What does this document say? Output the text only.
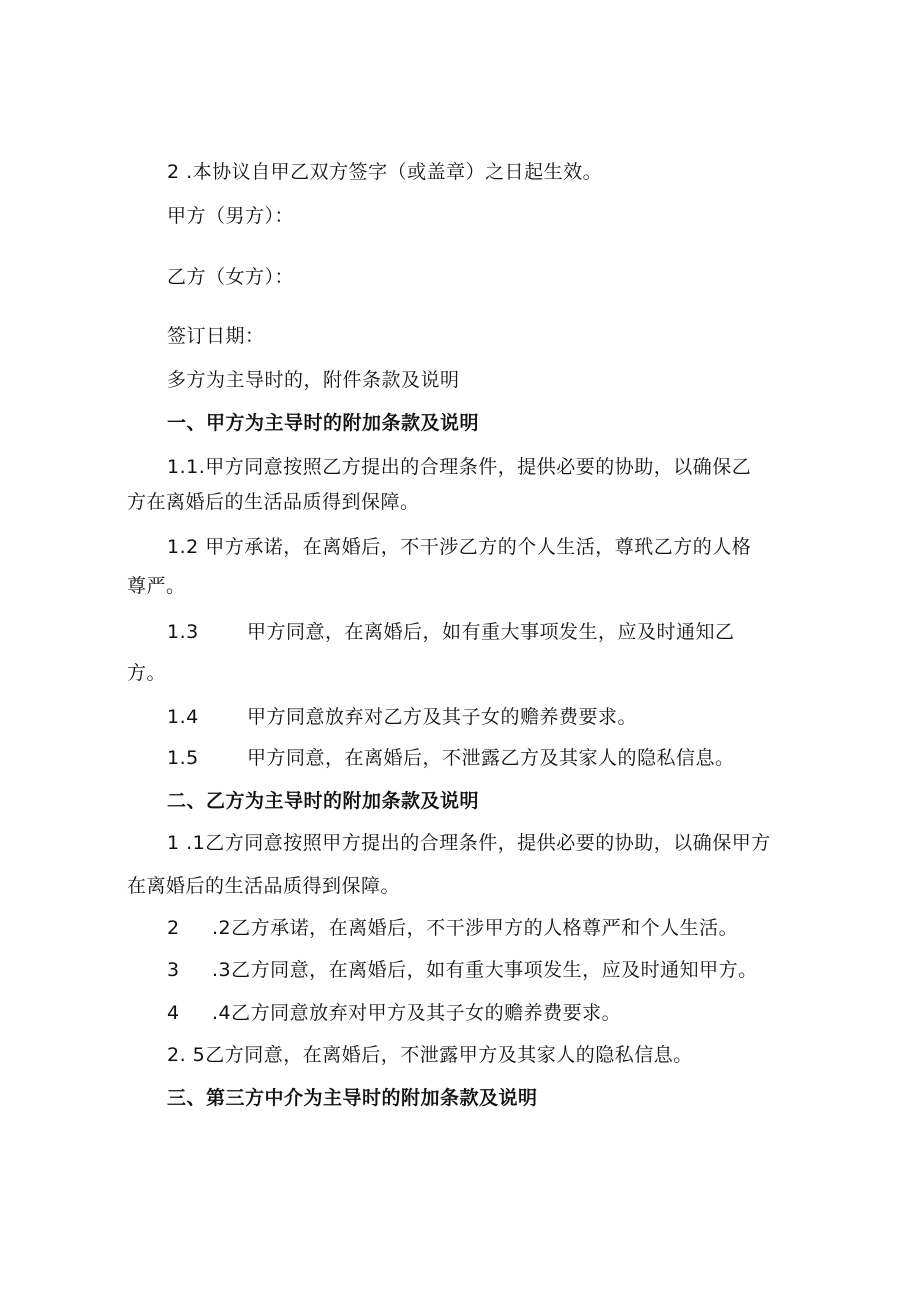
2 .本协议自甲乙双方签字（或盖章）之日起生效。
甲方（男方）：
乙方（女方）：
签订日期：
多方为主导时的，附件条款及说明
一、甲方为主导时的附加条款及说明
1.1.甲方同意按照乙方提出的合理条件，提供必要的协助，以确保乙
方在离婚后的生活品质得到保障。
1.2 甲方承诺，在离婚后，不干涉乙方的个人生活，尊玳乙方的人格
尊严。
1.3	甲方同意，在离婚后，如有重大事项发生，应及时通知乙
方。
1.4	甲方同意放弃对乙方及其子女的赡养费要求。
1.5	甲方同意，在离婚后，不泄露乙方及其家人的隐私信息。
二、乙方为主导时的附加条款及说明
1 .1乙方同意按照甲方提出的合理条件，提供必要的协助，以确保甲方
在离婚后的生活品质得到保障。
2 .2乙方承诺，在离婚后，不干涉甲方的人格尊严和个人生活。
3 .3乙方同意，在离婚后，如有重大事项发生，应及时通知甲方。
4 .4乙方同意放弃对甲方及其子女的赡养费要求。
2. 5乙方同意，在离婚后，不泄露甲方及其家人的隐私信息。
三、第三方中介为主导时的附加条款及说明
